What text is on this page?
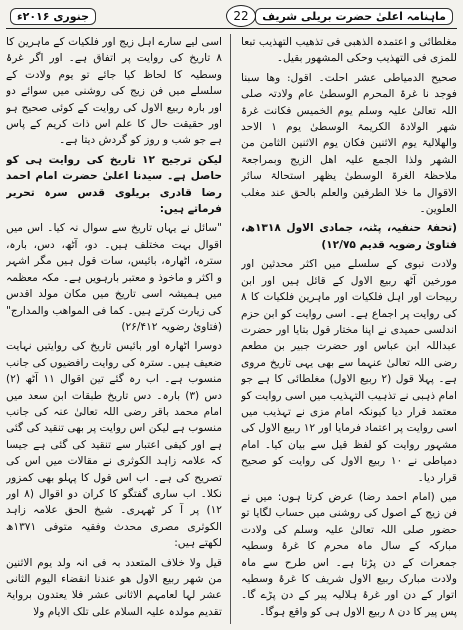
ماہنامہ اعلیٰ حضرت بریلی شریف
22
جنوری ۲۰۱۶ء

مغلطائی و اعتمدہ الذھبی فی تذھیب التھذیب تبعا للمزی فی التھذیب وحکی المشھور بقیل۔

صحیح الدمیاطی عشر احلت۔ اقول: وھا سبنا فوجد نا غرۃ المحرم الوسطیٰ عام ولادتہ صلی اللہ تعالیٰ علیہ وسلم یوم الخمیس فکانت غرۃ شھر الولادۃ الکریمۃ الوسطیٰ یوم ۱ الاحد والھلالیۃ یوم الاثنین فکان یوم الاثنین الثامن من الشھر ولذا الجمع علیہ اھل الزیج وبمراجعۃ ملاحظۃ الغرۃ الوسطیٰ یظھر استحالۃ سائر الاقوال ما خلا الطرفین والعلم بالحق عند مغلب العلوین۔

(تحفۂ حنفیہ، پٹنہ، جمادی الاول ۱۳۱۸ھ، فتاویٰ رضویہ قدیم ۱۲/۷۵)

ولادت نبوی کے سلسلے میں اکثر محدثین اور مورخین آٹھ ربیع الاول کے قائل ہیں اور ابن ربیحات اور اہل فلکیات اور ماہرین فلکیات کا ۸ کی روایت پر اجماع ہے۔ اسی روایت کو ابن حزم اندلسی حمیدی نے اپنا مختار قول بتایا اور حضرت عبداللہ ابن عباس اور حضرت جبیر بن مطعم رضی اللہ تعالیٰ عنہما سے بھی یہی تاریخ مروی ہے۔ پہلا قول (۲ ربیع الاول) مغلطائی کا ہے جو امام ذہبی نے تذہیب التہذیب میں اسی روایت کو معتمد قرار دیا کیونکہ امام مزی نے تہذیب میں اسی روایت پر اعتماد فرمایا اور ۱۲ ربیع الاول کی مشہور روایت کو لفظ قیل سے بیان کیا۔ امام دمیاطی نے ۱۰ ربیع الاول کی روایت کو صحیح قرار دیا۔

میں (امام احمد رضا) عرض کرتا ہوں: میں نے فن زیج کے اصول کی روشنی میں حساب لگایا تو حضور صلی اللہ تعالیٰ علیہ وسلم کی ولادت مبارکہ کے سال ماہ محرم کا غرۂ وسطیہ جمعرات کے دن پڑتا ہے۔ اس طرح سے ماہ ولادت مبارک ربیع الاول شریف کا غرۂ وسطیہ اتوار کے دن اور غرۂ ہلالیہ پیر کے دن پڑے گا۔ پس پیر کا دن ۸ ربیع الاول ہی کو واقع ہوگا۔

اسی لیے سارے اہل زیج اور فلکیات کے ماہرین کا ۸ تاریخ کی روایت پر اتفاق ہے۔ اور اگر غرۂ وسطیہ کا لحاظ کیا جائے تو یوم ولادت کے سلسلے میں فن زیج کی روشنی میں سوائے دو اور بارہ ربیع الاول کی روایت کے کوئی صحیح ہو اور حقیقت حال کا علم اس ذات کریم کے پاس ہے جو شب و روز کو گردش دیتا ہے۔

لیکن ترجیح ۱۲ تاریخ کی روایت ہی کو حاصل ہے۔ سیدنا اعلیٰ حضرت امام احمد رضا قادری بریلوی قدس سرہ تحریر فرماتے ہیں:

"سائل نے یہاں تاریخ سے سوال نہ کیا۔ اس میں اقوال بہت مختلف ہیں۔ دو، آٹھ، دس، بارہ، سترہ، اٹھارہ، بائیس، سات قول ہیں مگر اشہر و اکثر و ماخوذ و معتبر بارہویں ہے۔ مکہ معظمہ میں ہمیشہ اسی تاریخ میں مکان مولد اقدس کی زیارت کرتے ہیں۔ کما فی المواھب والمدارج" (فتاویٰ رضویہ ۲۶/۴۱۲)

دوسرا اٹھارہ اور بائیس تاریخ کی روایتیں نہایت ضعیف ہیں۔ سترہ کی روایت رافضیوں کی جانب منسوب ہے۔ اب رہ گئے تین اقوال ۱۱ آٹھ (۲) دس (۳) بارہ۔ دس تاریخ طبقات ابن سعد میں امام محمد باقر رضی اللہ تعالیٰ عنہ کی جانب منسوب ہے لیکن اس روایت پر بھی تنقید کی گئی ہے اور کیفی اعتبار سے تنقید کی گئی ہے جیسا کہ علامہ زاہد الکوثری نے مقالات میں اس کی تصریح کی ہے۔ اب اس قول کا پہلو بھی کمزور نکلا۔ اب ساری گفتگو کا کران دو اقوال (۸ اور ۱۲) پر آ کر ٹھہری۔ شیخ الحق علامہ زاہد الکوثری مصری محدث وفقیہ متوفی ۱۳۷۱ھ لکھتے ہیں:

قیل ولا خلاف المتعدد بہ فی انہ ولد یوم الاثنین من شھر ربیع الاول ھو عندنا انقضاء الیوم الثانی عشر لہا لعامہم الاثانی عشر فلا یعتدون بروایۃ تقدیم مولدہ علیہ السلام علی تلک الایام ولا
